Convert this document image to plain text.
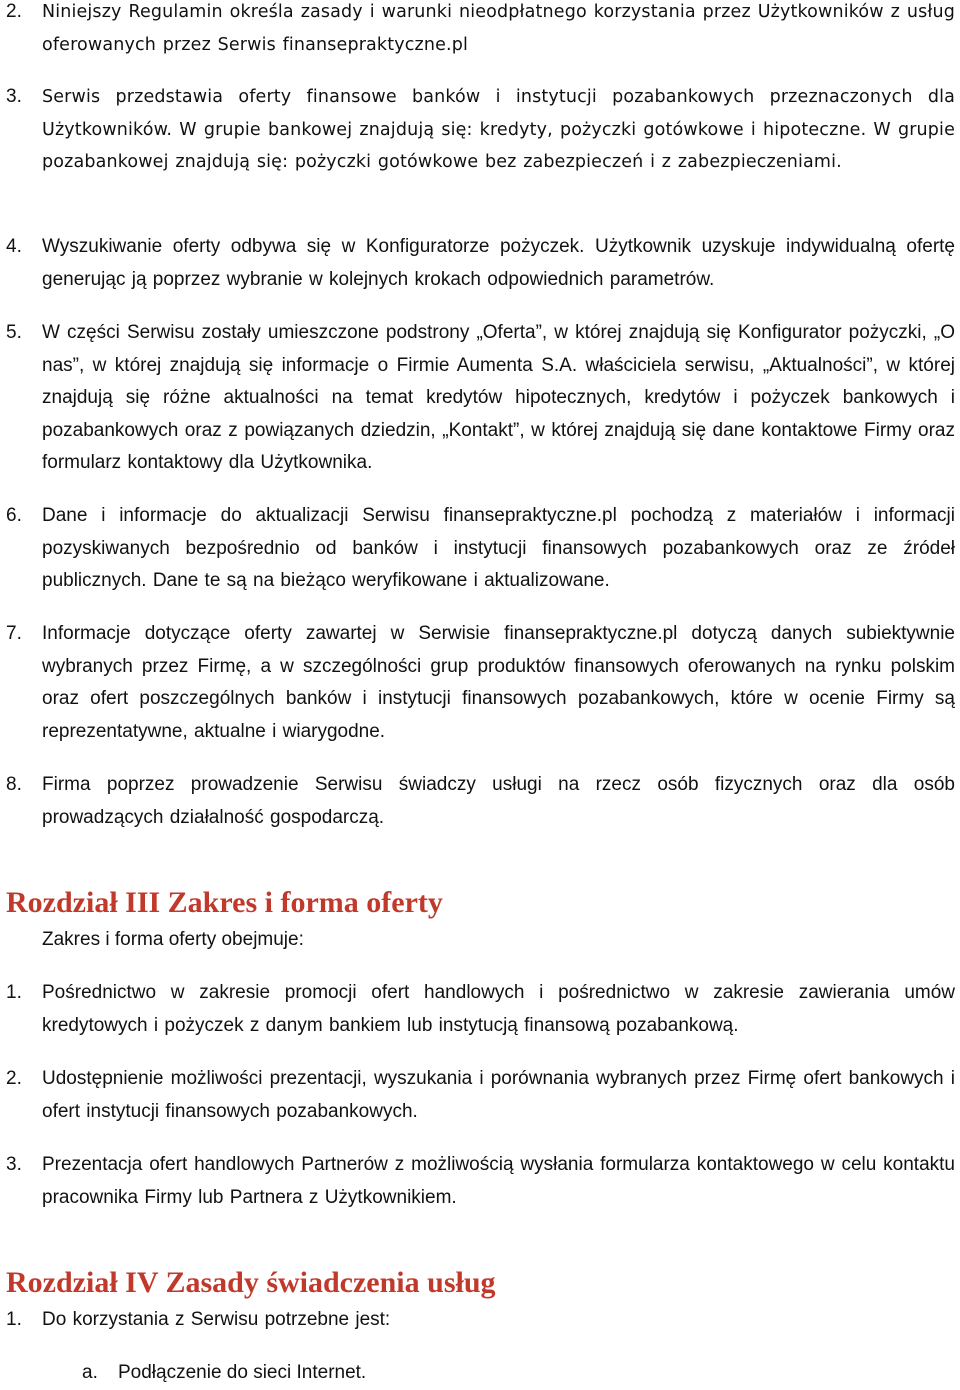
2. Niniejszy Regulamin określa zasady i warunki nieodpłatnego korzystania przez Użytkowników z usług oferowanych przez Serwis finansepraktyczne.pl
3. Serwis przedstawia oferty finansowe banków i instytucji pozabankowych przeznaczonych dla Użytkowników. W grupie bankowej znajdują się: kredyty, pożyczki gotówkowe i hipoteczne. W grupie pozabankowej znajdują się: pożyczki gotówkowe bez zabezpieczeń i z zabezpieczeniami.
4. Wyszukiwanie oferty odbywa się w Konfiguratorze pożyczek. Użytkownik uzyskuje indywidualną ofertę generując ją poprzez wybranie w kolejnych krokach odpowiednich parametrów.
5. W części Serwisu zostały umieszczone podstrony „Oferta”, w której znajdują się Konfigurator pożyczki, „O nas”, w której znajdują się informacje o Firmie Aumenta S.A. właściciela serwisu, „Aktualności”, w której znajdują się różne aktualności na temat kredytów hipotecznych, kredytów i pożyczek bankowych i pozabankowych oraz z powiązanych dziedzin, „Kontakt”, w której znajdują się dane kontaktowe Firmy oraz formularz kontaktowy dla Użytkownika.
6. Dane i informacje do aktualizacji Serwisu finansepraktyczne.pl pochodzą z materiałów i informacji pozyskiwanych bezpośrednio od banków i instytucji finansowych pozabankowych oraz ze źródeł publicznych. Dane te są na bieżąco weryfikowane i aktualizowane.
7. Informacje dotyczące oferty zawartej w Serwisie finansepraktyczne.pl dotyczą danych subiektywnie wybranych przez Firmę, a w szczególności grup produktów finansowych oferowanych na rynku polskim oraz ofert poszczególnych banków i instytucji finansowych pozabankowych, które w ocenie Firmy są reprezentatywne, aktualne i wiarygodne.
8. Firma poprzez prowadzenie Serwisu świadczy usługi na rzecz osób fizycznych oraz dla osób prowadzących działalność gospodarczą.
Rozdział III Zakres i forma oferty
Zakres i forma oferty obejmuje:
1. Pośrednictwo w zakresie promocji ofert handlowych i pośrednictwo w zakresie zawierania umów kredytowych i pożyczek z danym bankiem lub instytucją finansową pozabankową.
2. Udostępnienie możliwości prezentacji, wyszukania i porównania wybranych przez Firmę ofert bankowych i ofert instytucji finansowych pozabankowych.
3. Prezentacja ofert handlowych Partnerów z możliwością wysłania formularza kontaktowego w celu kontaktu pracownika Firmy lub Partnera z Użytkownikiem.
Rozdział IV Zasady świadczenia usług
1. Do korzystania z Serwisu potrzebne jest:
a. Podłączenie do sieci Internet.
